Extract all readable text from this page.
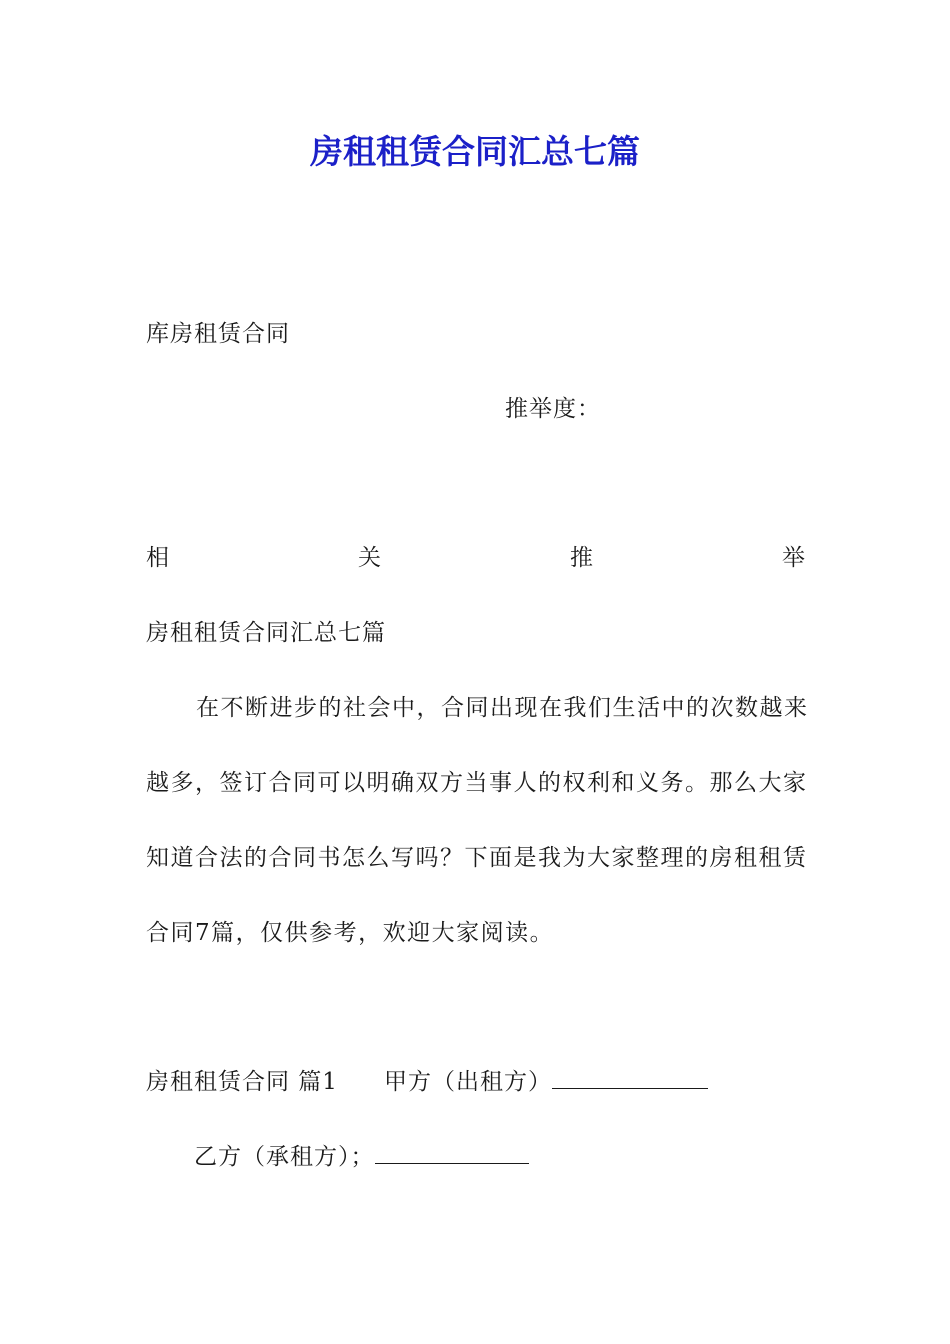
房租租赁合同汇总七篇
库房租赁合同
推举度：
相	关	推	举
房租租赁合同汇总七篇
在不断进步的社会中，合同出现在我们生活中的次数越来
越多，签订合同可以明确双方当事人的权利和义务。那么大家
知道合法的合同书怎么写吗？下面是我为大家整理的房租租赁
合同7篇，仅供参考，欢迎大家阅读。
房租租赁合同 篇1 甲方（出租方）
乙方（承租方）；
